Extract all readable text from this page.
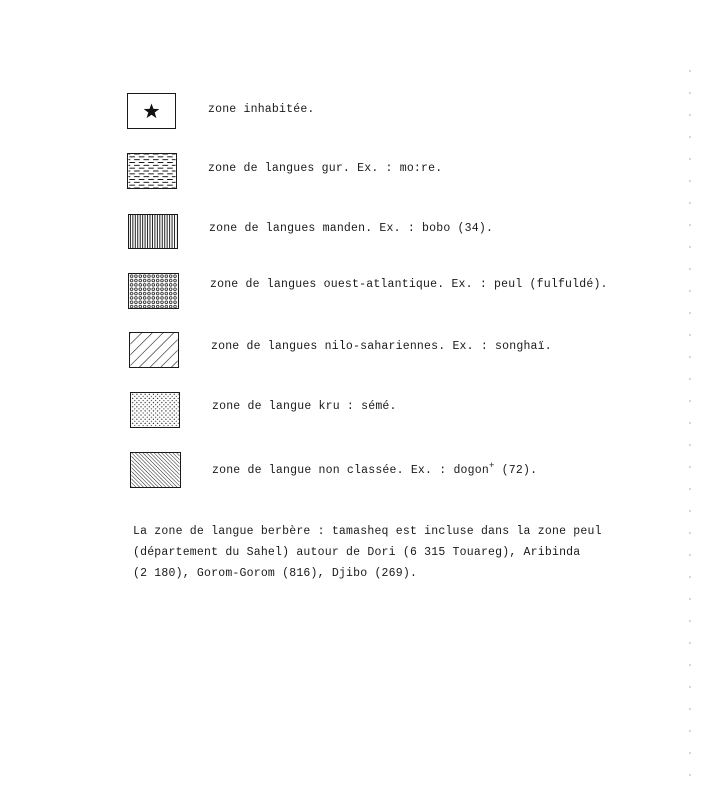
zone inhabitée.
zone de langues gur. Ex. : mo:re.
zone de langues manden. Ex. : bobo (34).
zone de langues ouest-atlantique. Ex. : peul (fulfuldé).
zone de langues nilo-sahariennes. Ex. : songhaï.
zone de langue kru : sémé.
zone de langue non classée. Ex. : dogon+ (72).

La zone de langue berbère : tamasheq est incluse dans la zone peul

(département du Sahel) autour de Dori (6 315 Touareg), Aribinda

(2 180), Gorom-Gorom (816), Djibo (269).
